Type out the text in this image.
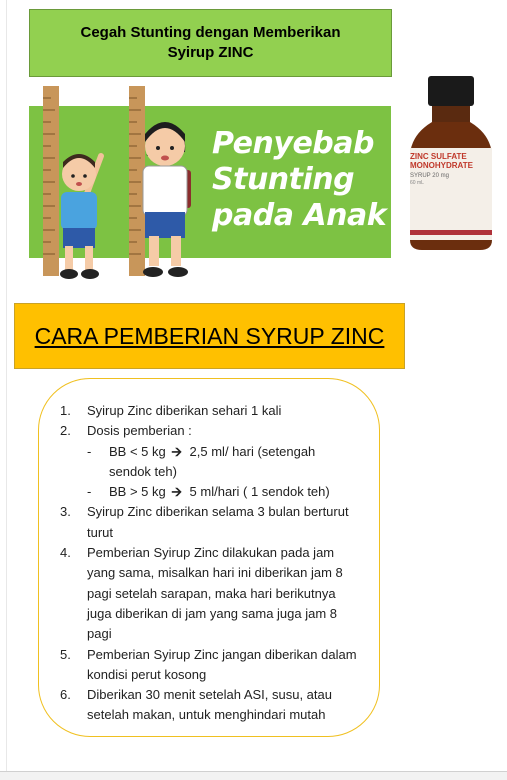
Cegah Stunting dengan Memberikan
Syirup ZINC
Penyebab
Stunting
pada Anak
ZINC SULFATE
MONOHYDRATE
SYRUP 20 mg
60 mL
CARA PEMBERIAN SYRUP ZINC
1. Syirup Zinc diberikan sehari 1 kali
2. Dosis pemberian :
- BB < 5 kg 🡪 2,5 ml/ hari (setengah sendok teh)
- BB > 5 kg 🡪 5 ml/hari ( 1 sendok teh)
3. Syirup Zinc diberikan selama 3 bulan berturut turut
4. Pemberian Syirup Zinc dilakukan pada jam yang sama, misalkan hari ini diberikan jam 8 pagi setelah sarapan, maka hari berikutnya juga diberikan di jam yang sama juga jam 8 pagi
5. Pemberian Syirup Zinc jangan diberikan dalam kondisi perut kosong
6. Diberikan 30 menit setelah ASI, susu, atau setelah makan, untuk menghindari mutah
